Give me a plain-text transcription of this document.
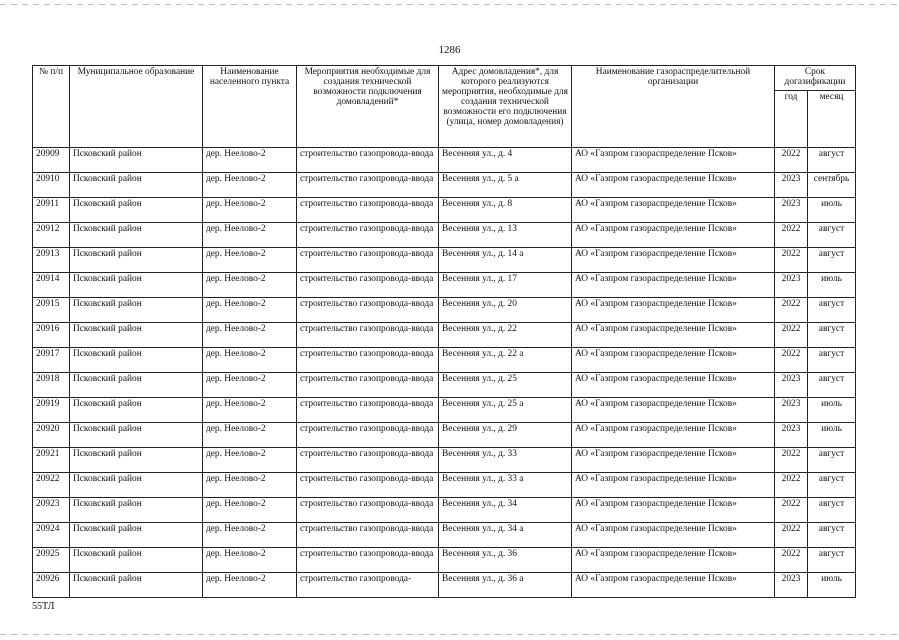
1286
№ п/п	Муниципальное образование	Наименование населенного пункта	Мероприятия необходимые для создания технической возможности подключения домовладений*	Адрес домовладения*, для которого реализуются мероприятия, необходимые для создания технической возможности его подключения (улица, номер домовладения)	Наименование газораспределительной организации	Срок догазификации	
						год	месяц
20909	Псковский район	дер. Неелово-2	строительство газопровода-ввода	Весенняя ул., д. 4	АО «Газпром газораспределение Псков»	2022	август
20910	Псковский район	дер. Неелово-2	строительство газопровода-ввода	Весенняя ул., д. 5 а	АО «Газпром газораспределение Псков»	2023	сентябрь
20911	Псковский район	дер. Неелово-2	строительство газопровода-ввода	Весенняя ул., д. 8	АО «Газпром газораспределение Псков»	2023	июль
20912	Псковский район	дер. Неелово-2	строительство газопровода-ввода	Весенняя ул., д. 13	АО «Газпром газораспределение Псков»	2022	август
20913	Псковский район	дер. Неелово-2	строительство газопровода-ввода	Весенняя ул., д. 14 а	АО «Газпром газораспределение Псков»	2022	август
20914	Псковский район	дер. Неелово-2	строительство газопровода-ввода	Весенняя ул., д. 17	АО «Газпром газораспределение Псков»	2023	июль
20915	Псковский район	дер. Неелово-2	строительство газопровода-ввода	Весенняя ул., д. 20	АО «Газпром газораспределение Псков»	2022	август
20916	Псковский район	дер. Неелово-2	строительство газопровода-ввода	Весенняя ул., д. 22	АО «Газпром газораспределение Псков»	2022	август
20917	Псковский район	дер. Неелово-2	строительство газопровода-ввода	Весенняя ул., д. 22 а	АО «Газпром газораспределение Псков»	2022	август
20918	Псковский район	дер. Неелово-2	строительство газопровода-ввода	Весенняя ул., д. 25	АО «Газпром газораспределение Псков»	2023	август
20919	Псковский район	дер. Неелово-2	строительство газопровода-ввода	Весенняя ул., д. 25 а	АО «Газпром газораспределение Псков»	2023	июль
20920	Псковский район	дер. Неелово-2	строительство газопровода-ввода	Весенняя ул., д. 29	АО «Газпром газораспределение Псков»	2023	июль
20921	Псковский район	дер. Неелово-2	строительство газопровода-ввода	Весенняя ул., д. 33	АО «Газпром газораспределение Псков»	2022	август
20922	Псковский район	дер. Неелово-2	строительство газопровода-ввода	Весенняя ул., д. 33 а	АО «Газпром газораспределение Псков»	2022	август
20923	Псковский район	дер. Неелово-2	строительство газопровода-ввода	Весенняя ул., д. 34	АО «Газпром газораспределение Псков»	2022	август
20924	Псковский район	дер. Неелово-2	строительство газопровода-ввода	Весенняя ул., д. 34 а	АО «Газпром газораспределение Псков»	2022	август
20925	Псковский район	дер. Неелово-2	строительство газопровода-ввода	Весенняя ул., д. 36	АО «Газпром газораспределение Псков»	2022	август
20926	Псковский район	дер. Неелово-2	строительство газопровода-	Весенняя ул., д. 36 а	АО «Газпром газораспределение Псков»	2023	июль
55ТЛ
